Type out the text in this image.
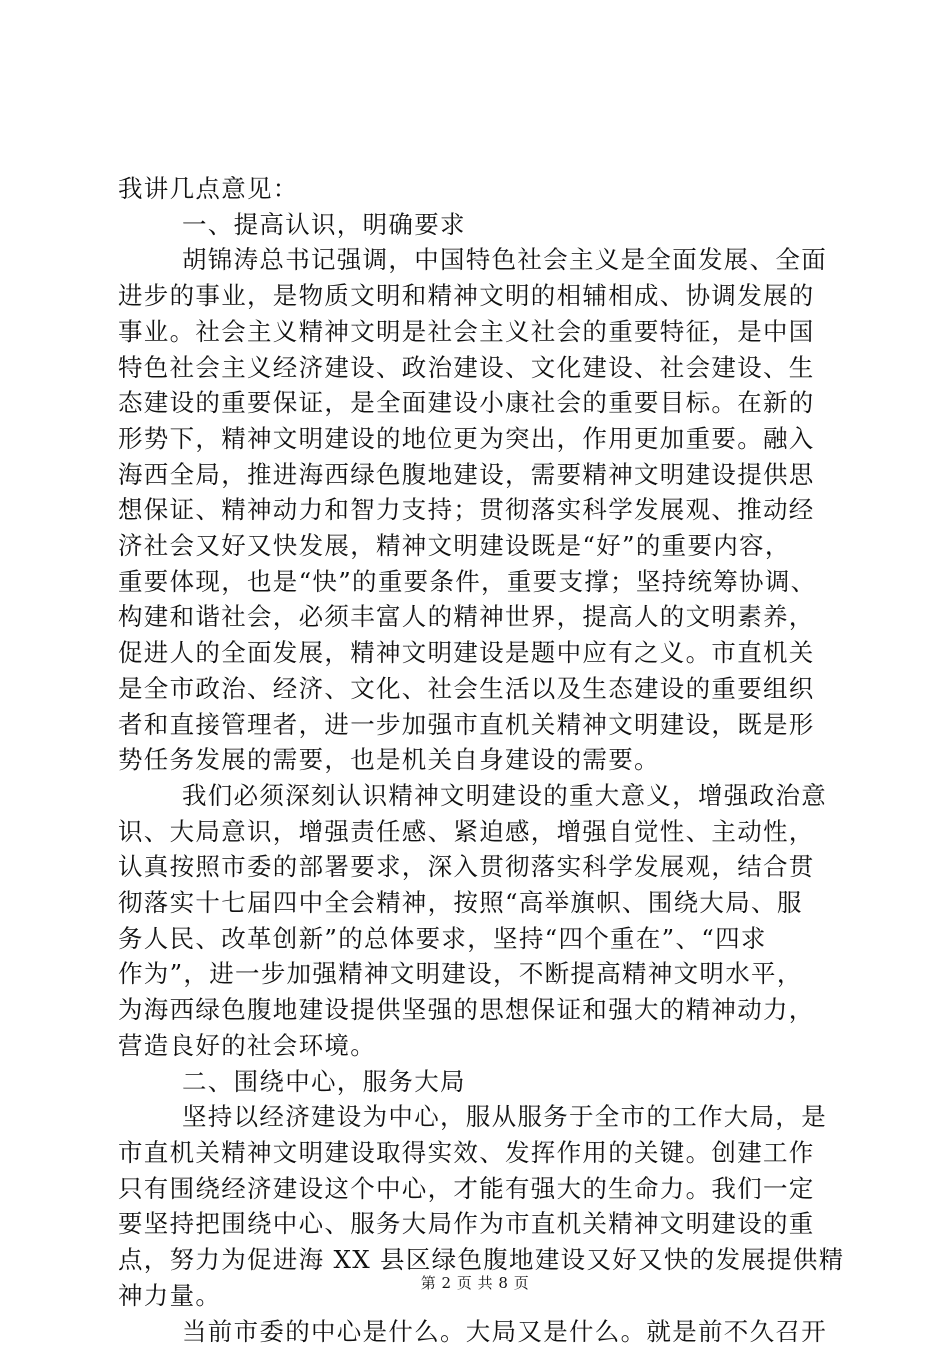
我讲几点意见：
一、提高认识，明确要求
胡锦涛总书记强调，中国特色社会主义是全面发展、全面
进步的事业，是物质文明和精神文明的相辅相成、协调发展的
事业。社会主义精神文明是社会主义社会的重要特征，是中国
特色社会主义经济建设、政治建设、文化建设、社会建设、生
态建设的重要保证，是全面建设小康社会的重要目标。在新的
形势下，精神文明建设的地位更为突出，作用更加重要。融入
海西全局，推进海西绿色腹地建设，需要精神文明建设提供思
想保证、精神动力和智力支持；贯彻落实科学发展观、推动经
济社会又好又快发展，精神文明建设既是“好”的重要内容，
重要体现，也是“快”的重要条件，重要支撑；坚持统筹协调、
构建和谐社会，必须丰富人的精神世界，提高人的文明素养，
促进人的全面发展，精神文明建设是题中应有之义。市直机关
是全市政治、经济、文化、社会生活以及生态建设的重要组织
者和直接管理者，进一步加强市直机关精神文明建设，既是形
势任务发展的需要，也是机关自身建设的需要。
我们必须深刻认识精神文明建设的重大意义，增强政治意
识、大局意识，增强责任感、紧迫感，增强自觉性、主动性，
认真按照市委的部署要求，深入贯彻落实科学发展观，结合贯
彻落实十七届四中全会精神，按照“高举旗帜、围绕大局、服
务人民、改革创新”的总体要求，坚持“四个重在”、“四求
作为”，进一步加强精神文明建设，不断提高精神文明水平，
为海西绿色腹地建设提供坚强的思想保证和强大的精神动力，
营造良好的社会环境。
二、围绕中心，服务大局
坚持以经济建设为中心，服从服务于全市的工作大局，是
市直机关精神文明建设取得实效、发挥作用的关键。创建工作
只有围绕经济建设这个中心，才能有强大的生命力。我们一定
要坚持把围绕中心、服务大局作为市直机关精神文明建设的重
点，努力为促进海 XX 县区绿色腹地建设又好又快的发展提供精
神力量。
当前市委的中心是什么。大局又是什么。就是前不久召开
第 2 页 共 8 页
